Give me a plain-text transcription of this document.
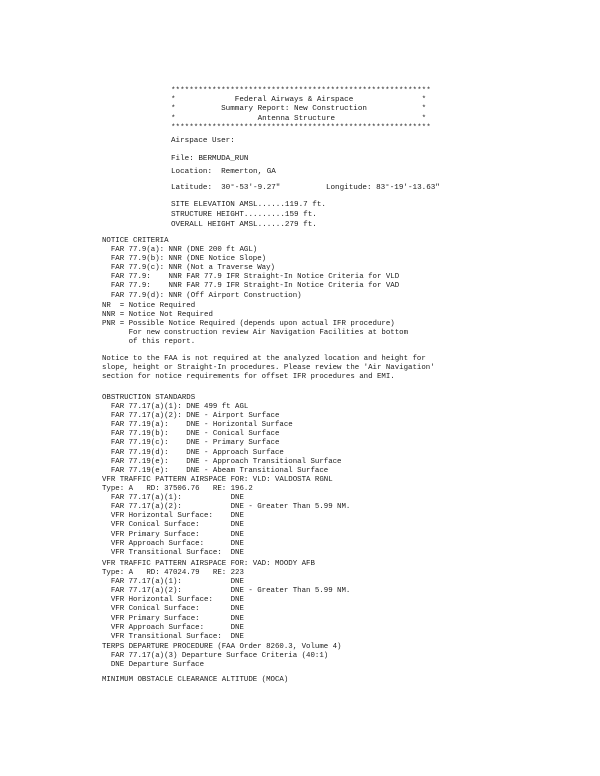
*********************************************************
*             Federal Airways & Airspace               *
*          Summary Report: New Construction            *
*                  Antenna Structure                   *
*********************************************************
Airspace User:
File: BERMUDA_RUN
Location:  Remerton, GA
Latitude:  30°-53'-9.27"          Longitude: 83°-19'-13.63"
SITE ELEVATION AMSL......119.7 ft.
STRUCTURE HEIGHT.........159 ft.
OVERALL HEIGHT AMSL......279 ft.
NOTICE CRITERIA
FAR 77.9(a): NNR (DNE 200 ft AGL)
FAR 77.9(b): NNR (DNE Notice Slope)
FAR 77.9(c): NNR (Not a Traverse Way)
FAR 77.9:    NNR FAR 77.9 IFR Straight-In Notice Criteria for VLD
FAR 77.9:    NNR FAR 77.9 IFR Straight-In Notice Criteria for VAD
FAR 77.9(d): NNR (Off Airport Construction)
NR  = Notice Required
NNR = Notice Not Required
PNR = Possible Notice Required (depends upon actual IFR procedure)
For new construction review Air Navigation Facilities at bottom
of this report.
Notice to the FAA is not required at the analyzed location and height for
slope, height or Straight-In procedures. Please review the 'Air Navigation'
section for notice requirements for offset IFR procedures and EMI.
OBSTRUCTION STANDARDS
FAR 77.17(a)(1): DNE 499 ft AGL
FAR 77.17(a)(2): DNE - Airport Surface
FAR 77.19(a):    DNE - Horizontal Surface
FAR 77.19(b):    DNE - Conical Surface
FAR 77.19(c):    DNE - Primary Surface
FAR 77.19(d):    DNE - Approach Surface
FAR 77.19(e):    DNE - Approach Transitional Surface
FAR 77.19(e):    DNE - Abeam Transitional Surface
VFR TRAFFIC PATTERN AIRSPACE FOR: VLD: VALDOSTA RGNL
Type: A   RD: 37506.76   RE: 196.2
FAR 77.17(a)(1):           DNE
FAR 77.17(a)(2):           DNE - Greater Than 5.99 NM.
VFR Horizontal Surface:    DNE
VFR Conical Surface:       DNE
VFR Primary Surface:       DNE
VFR Approach Surface:      DNE
VFR Transitional Surface:  DNE
VFR TRAFFIC PATTERN AIRSPACE FOR: VAD: MOODY AFB
Type: A   RD: 47024.79   RE: 223
FAR 77.17(a)(1):           DNE
FAR 77.17(a)(2):           DNE - Greater Than 5.99 NM.
VFR Horizontal Surface:    DNE
VFR Conical Surface:       DNE
VFR Primary Surface:       DNE
VFR Approach Surface:      DNE
VFR Transitional Surface:  DNE
TERPS DEPARTURE PROCEDURE (FAA Order 8260.3, Volume 4)
FAR 77.17(a)(3) Departure Surface Criteria (40:1)
DNE Departure Surface
MINIMUM OBSTACLE CLEARANCE ALTITUDE (MOCA)
